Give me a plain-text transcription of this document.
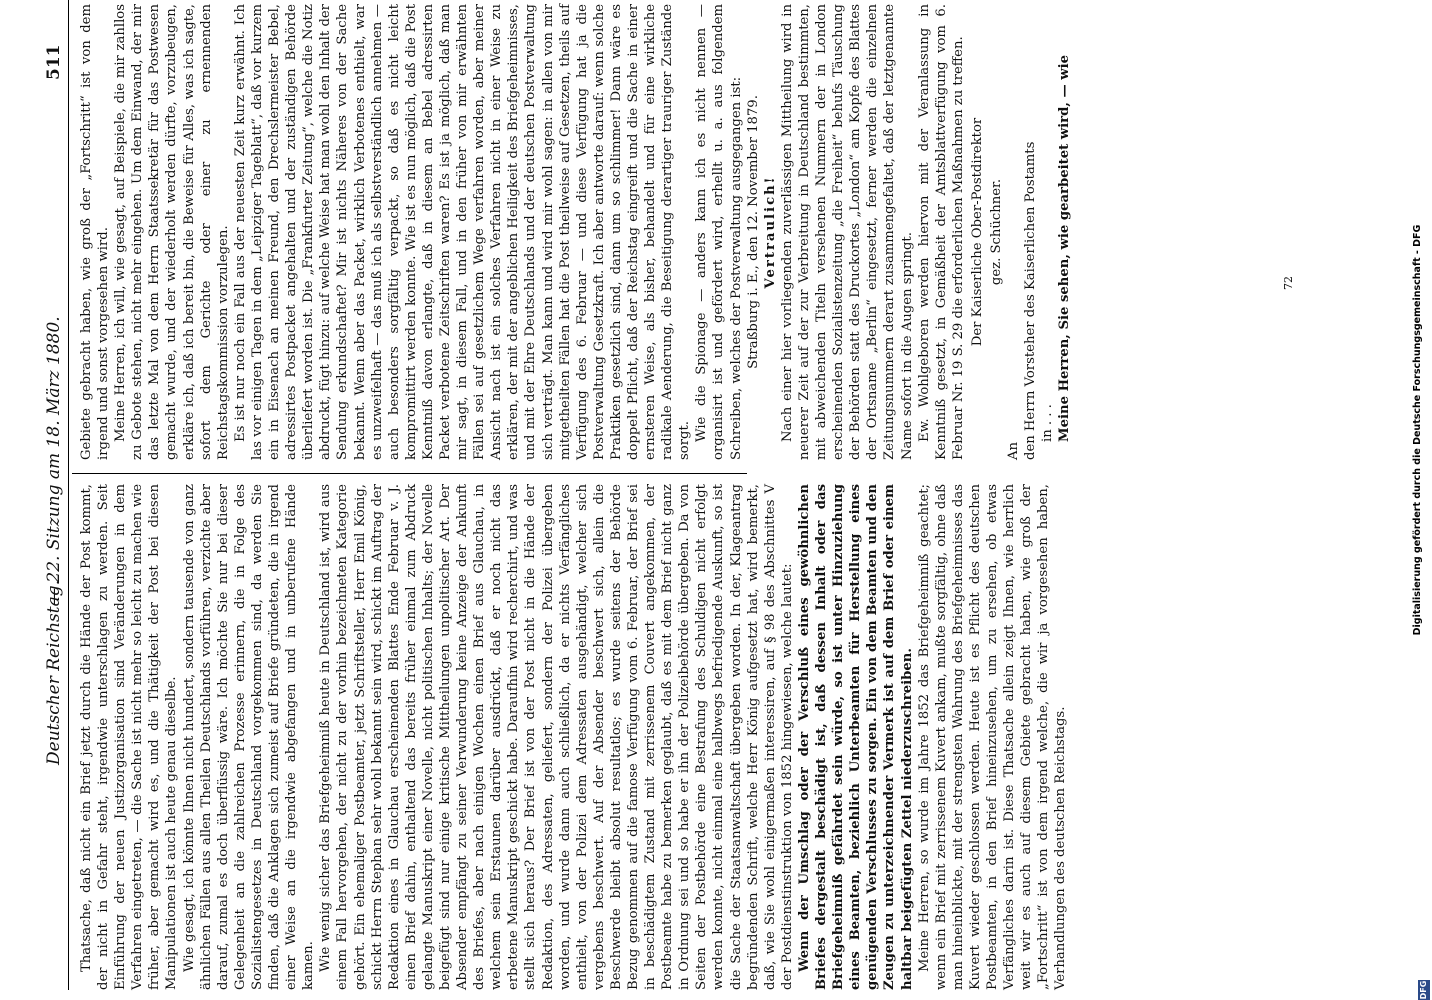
Deutscher Reichstag.
— 22. Sitzung am 18. März 1880.
511

Thatsache, daß nicht ein Brief jetzt durch die Hände der Post kommt, der nicht in Gefahr steht, irgendwie unterschlagen zu werden. Seit Einführung der neuen Justizorganisation sind Veränderungen in dem Verfahren eingetreten, — die Sache ist nicht mehr so leicht zu machen wie früher, aber gemacht wird es, und die Thätigkeit der Post bei diesen Manipulationen ist auch heute genau dieselbe. Wie gesagt, ich könnte Ihnen nicht hundert, sondern tausende von ganz ähnlichen Fällen aus allen Theilen Deutschlands vorführen, verzichte aber darauf, zumal es doch überflüssig wäre. Ich möchte Sie nur bei dieser Gelegenheit an die zahlreichen Prozesse erinnern, die in Folge des Sozialistengesetzes in Deutschland vorgekommen sind, da werden Sie finden, daß die Anklagen sich zumeist auf Briefe gründeten, die in irgend einer Weise an die irgendwie abgefangen und in unberufene Hände kamen. Wie wenig sicher das Briefgeheimniß heute in Deutschland ist, wird aus einem Fall hervorgehen, der nicht zu der vorhin bezeichneten Kategorie gehört. Ein ehemaliger Postbeamter, jetzt Schriftsteller, Herr Emil König, schickt Herrn Stephan sehr wohl bekannt sein wird, schickt im Auftrag der Redaktion eines in Glauchau erscheinenden Blattes Ende Februar v. J. einen Brief dahin, enthaltend das bereits früher einmal zum Abdruck gelangte Manuskript einer Novelle, nicht politischen Inhalts; der Novelle beigefügt sind nur einige kritische Mittheilungen unpolitischer Art. Der Absender empfängt zu seiner Verwunderung keine Anzeige der Ankunft des Briefes, aber nach einigen Wochen einen Brief aus Glauchau, in welchem sein Erstaunen darüber ausdrückt, daß er noch nicht das erbetene Manuskript geschickt habe. Daraufhin wird recherchirt, und was stellt sich heraus? Der Brief ist von der Post nicht in die Hände der Redaktion, des Adressaten, geliefert, sondern der Polizei übergeben worden, und wurde dann auch schließlich, da er nichts Verfängliches enthielt, von der Polizei dem Adressaten ausgehändigt, welcher sich vergebens beschwert. Auf der Absender beschwert sich, allein die Beschwerde bleibt absolut resultatlos; es wurde seitens der Behörde Bezug genommen auf die famose Verfügung vom 6. Februar, der Brief sei in beschädigtem Zustand mit zerrissenem Couvert angekommen, der Postbeamte habe zu bemerken geglaubt, daß es mit dem Brief nicht ganz in Ordnung sei und so habe er ihn der Polizeibehörde übergeben. Da von Seiten der Postbehörde eine Bestrafung des Schuldigen nicht erfolgt werden konnte, nicht einmal eine halbwegs befriedigende Auskunft, so ist die Sache der Staatsanwaltschaft übergeben worden. In der, Klageantrag begründenden Schrift, welche Herr König aufgesetzt hat, wird bemerkt, daß, wie Sie wohl einigermaßen interessiren, auf § 98 des Abschnittes V der Postdienstinstruktion von 1852 hingewiesen, welche lautet: Wenn der Umschlag oder der Verschluß eines gewöhnlichen Briefes dergestalt beschädigt ist, daß dessen Inhalt oder das Briefgeheimniß gefährdet sein würde, so ist unter Hinzuziehung eines Beamten, beziehlich Unterbeamten für Herstellung eines genügenden Verschlusses zu sorgen. Ein von dem Beamten und den Zeugen zu unterzeichnender Vermerk ist auf dem Brief oder einem haltbar beigefügten Zettel niederzuschreiben. Meine Herren, so wurde im Jahre 1852 das Briefgeheimniß geachtet; wenn ein Brief mit zerrissenem Kuvert ankam, mußte sorgfältig, ohne daß man hineinblickte, mit der strengsten Wahrung des Briefgeheimnisses das Kuvert wieder geschlossen werden. Heute ist es Pflicht des deutschen Postbeamten, in den Brief hineinzusehen, um zu ersehen, ob etwas Verfängliches darin ist. Diese Thatsache allein zeigt Ihnen, wie herrlich weit wir es auch auf diesem Gebiete gebracht haben, wie groß der „Fortschritt“ ist von dem irgend welche, die wir ja vorgesehen haben, Verhandlungen des deutschen Reichstags.

Gebiete gebracht haben, wie groß der „Fortschritt“ ist von dem irgend und sonst vorgesehen wird. Meine Herren, ich will, wie gesagt, auf Beispiele, die mir zahllos zu Gebote stehen, nicht mehr eingehen. Um dem Einwand, der mir das letzte Mal von dem Herrn Staatssekretär für das Postwesen gemacht wurde, und der wiederholt werden dürfte, vorzubeugen, erkläre ich, daß ich bereit bin, die Beweise für Alles, was ich sagte, sofort dem Gerichte oder einer zu ernennenden Reichstagskommission vorzulegen. Es ist nur noch ein Fall aus der neuesten Zeit kurz erwähnt. Ich las vor einigen Tagen in dem „Leipziger Tageblatt“, daß vor kurzem ein in Eisenach an meinen Freund, den Drechslermeister Bebel, adressirtes Postpacket angehalten und der zuständigen Behörde überliefert worden ist. Die „Frankfurter Zeitung“, welche die Notiz abdruckt, fügt hinzu: auf welche Weise hat man wohl den Inhalt der Sendung erkundschaftet? Mir ist nichts Näheres von der Sache bekannt. Wenn aber das Packet, wirklich Verbotenes enthielt, war es unzweifelhaft — das muß ich als selbstverständlich annehmen — auch besonders sorgfältig verpackt, so daß es nicht leicht kompromittirt werden konnte. Wie ist es nun möglich, daß die Post Kenntniß davon erlangte, daß in diesem an Bebel adressirten Packet verbotene Zeitschriften waren? Es ist ja möglich, daß man mir sagt, in diesem Fall, und in den früher von mir erwähnten Fällen sei auf gesetzlichem Wege verfahren worden, aber meiner Ansicht nach ist ein solches Verfahren nicht in einer Weise zu erklären, der mit der angeblichen Heiligkeit des Briefgeheimnisses, und mit der Ehre Deutschlands und der deutschen Postverwaltung sich verträgt. Man kann und wird mir wohl sagen: in allen von mir mitgetheilten Fällen hat die Post theilweise auf Gesetzen, theils auf Verfügung des 6. Februar — und diese Verfügung hat ja die Postverwaltung Gesetzkraft. Ich aber antworte darauf: wenn solche Praktiken gesetzlich sind, dann um so schlimmer! Dann wäre es doppelt Pflicht, daß der Reichstag eingreift und die Sache in einer ernsteren Weise, als bisher, behandelt und für eine wirkliche radikale Aenderung, die Beseitigung derartiger trauriger Zustände sorgt. Wie die Spionage — anders kann ich es nicht nennen — organisirt ist und gefördert wird, erhellt u. a. aus folgendem Schreiben, welches der Postverwaltung ausgegangen ist: Straßburg i. E., den 12. November 1879. Vertraulich! Nach einer hier vorliegenden zuverlässigen Mittheilung wird in neuerer Zeit auf der zur Verbreitung in Deutschland bestimmten, mit abweichenden Titeln versehenen Nummern der in London erscheinenden Sozialistenzeitung „die Freiheit“ behufs Täuschung der Behörden statt des Druckortes „London“ am Kopfe des Blattes der Ortsname „Berlin“ eingesetzt, ferner werden die einzelnen Zeitungsnummern derart zusammengefaltet, daß der letztgenannte Name sofort in die Augen springt. Ew. Wohlgeboren werden hiervon mit der Veranlassung in Kenntniß gesetzt, in Gemäßheit der Amtsblattverfügung vom 6. Februar Nr. 19 S. 29 die erforderlichen Maßnahmen zu treffen. Der Kaiserliche Ober-Postdirektor gez. Schüchner.

An den Herrn Vorsteher des Kaiserlichen Postamts in . . . Meine Herren, Sie sehen, wie gearbeitet wird, — wie	72	Digitalisierung gefördert durch die Deutsche Forschungsgemeinschaft - DFG
DFG
